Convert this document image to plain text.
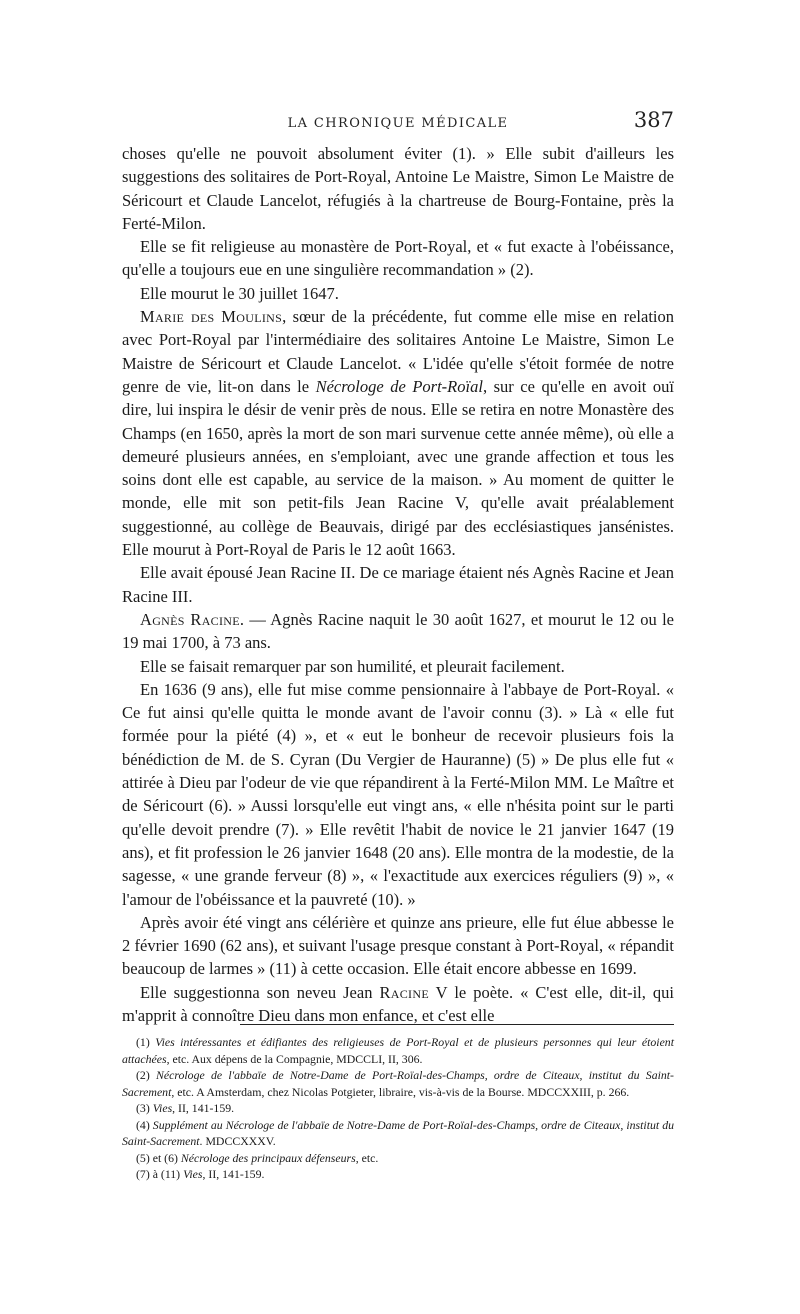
LA CHRONIQUE MÉDICALE	387

choses qu'elle ne pouvoit absolument éviter (1). » Elle subit d'ailleurs les suggestions des solitaires de Port-Royal, Antoine Le Maistre, Simon Le Maistre de Séricourt et Claude Lancelot, réfugiés à la chartreuse de Bourg-Fontaine, près la Ferté-Milon.

Elle se fit religieuse au monastère de Port-Royal, et « fut exacte à l'obéissance, qu'elle a toujours eue en une singulière recommandation » (2).

Elle mourut le 30 juillet 1647.

Marie des Moulins, sœur de la précédente, fut comme elle mise en relation avec Port-Royal par l'intermédiaire des solitaires Antoine Le Maistre, Simon Le Maistre de Séricourt et Claude Lancelot. « L'idée qu'elle s'étoit formée de notre genre de vie, lit-on dans le Nécrologe de Port-Roïal, sur ce qu'elle en avoit ouï dire, lui inspira le désir de venir près de nous. Elle se retira en notre Monastère des Champs (en 1650, après la mort de son mari survenue cette année même), où elle a demeuré plusieurs années, en s'emploiant, avec une grande affection et tous les soins dont elle est capable, au service de la maison. » Au moment de quitter le monde, elle mit son petit-fils Jean Racine V, qu'elle avait préalablement suggestionné, au collège de Beauvais, dirigé par des ecclésiastiques jansénistes. Elle mourut à Port-Royal de Paris le 12 août 1663.

Elle avait épousé Jean Racine II. De ce mariage étaient nés Agnès Racine et Jean Racine III.

Agnès Racine. — Agnès Racine naquit le 30 août 1627, et mourut le 12 ou le 19 mai 1700, à 73 ans.

Elle se faisait remarquer par son humilité, et pleurait facilement.

En 1636 (9 ans), elle fut mise comme pensionnaire à l'abbaye de Port-Royal. « Ce fut ainsi qu'elle quitta le monde avant de l'avoir connu (3). » Là « elle fut formée pour la piété (4) », et « eut le bonheur de recevoir plusieurs fois la bénédiction de M. de S. Cyran (Du Vergier de Hauranne) (5) » De plus elle fut « attirée à Dieu par l'odeur de vie que répandirent à la Ferté-Milon MM. Le Maître et de Séricourt (6). » Aussi lorsqu'elle eut vingt ans, « elle n'hésita point sur le parti qu'elle devoit prendre (7). » Elle revêtit l'habit de novice le 21 janvier 1647 (19 ans), et fit profession le 26 janvier 1648 (20 ans). Elle montra de la modestie, de la sagesse, « une grande ferveur (8) », « l'exactitude aux exercices réguliers (9) », « l'amour de l'obéissance et la pauvreté (10). »

Après avoir été vingt ans célérière et quinze ans prieure, elle fut élue abbesse le 2 février 1690 (62 ans), et suivant l'usage presque constant à Port-Royal, « répandit beaucoup de larmes » (11) à cette occasion. Elle était encore abbesse en 1699.

Elle suggestionna son neveu Jean Racine V le poète. « C'est elle, dit-il, qui m'apprit à connoître Dieu dans mon enfance, et c'est elle

(1) Vies intéressantes et édifiantes des religieuses de Port-Royal et de plusieurs personnes qui leur étoient attachées, etc. Aux dépens de la Compagnie, MDCCLI, II, 306.

(2) Nécrologe de l'abbaïe de Notre-Dame de Port-Roïal-des-Champs, ordre de Citeaux, institut du Saint-Sacrement, etc. A Amsterdam, chez Nicolas Potgieter, libraire, vis-à-vis de la Bourse. MDCCXXIII, p. 266.

(3) Vies, II, 141-159.

(4) Supplément au Nécrologe de l'abbaïe de Notre-Dame de Port-Roïal-des-Champs, ordre de Citeaux, institut du Saint-Sacrement. MDCCXXXV.

(5) et (6) Nécrologe des principaux défenseurs, etc.

(7) à (11) Vies, II, 141-159.
